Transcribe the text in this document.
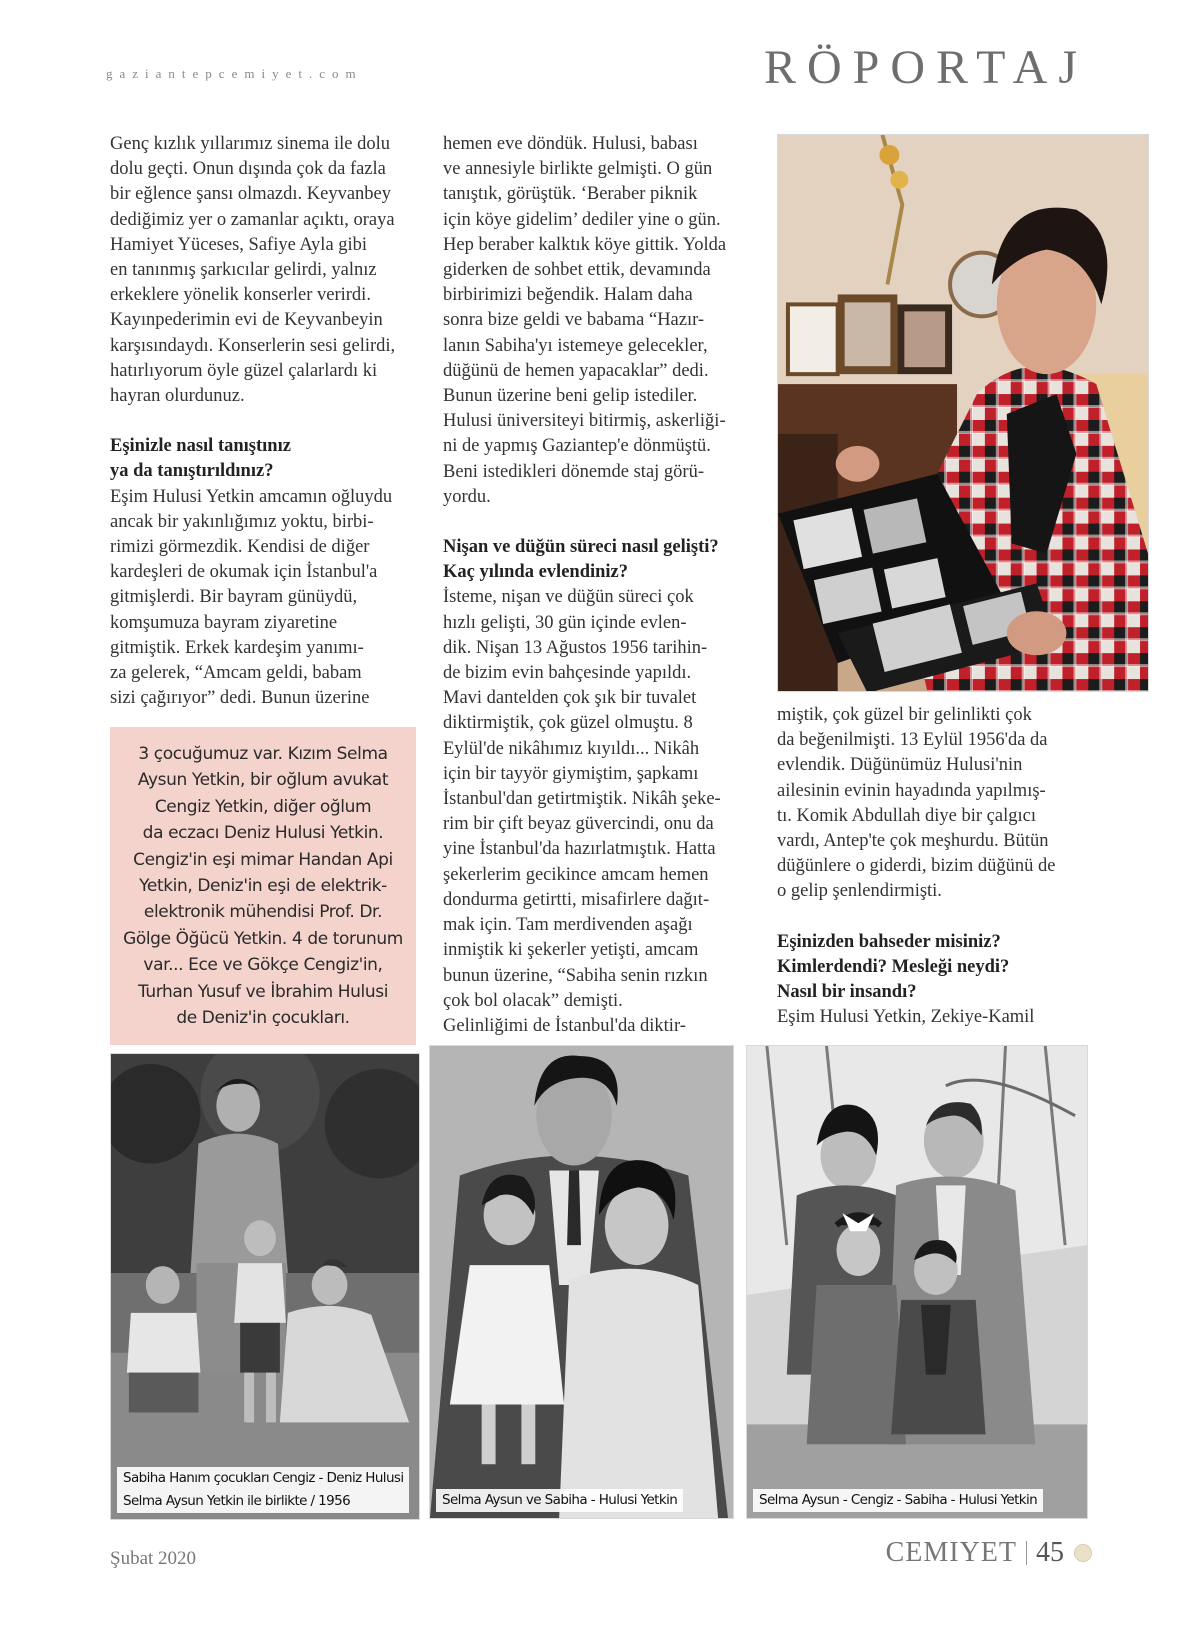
gaziantepcemiyet.com	RÖPORTAJ

Genç kızlık yıllarımız sinema ile dolu
dolu geçti. Onun dışında çok da fazla
bir eğlence şansı olmazdı. Keyvanbey
dediğimiz yer o zamanlar açıktı, oraya
Hamiyet Yüceses, Safiye Ayla gibi
en tanınmış şarkıcılar gelirdi, yalnız
erkeklere yönelik konserler verirdi.
Kayınpederimin evi de Keyvanbeyin
karşısındaydı. Konserlerin sesi gelirdi,
hatırlıyorum öyle güzel çalarlardı ki
hayran olurdunuz.

Eşinizle nasıl tanıştınız
ya da tanıştırıldınız?

Eşim Hulusi Yetkin amcamın oğluydu
ancak bir yakınlığımız yoktu, birbi-
rimizi görmezdik. Kendisi de diğer
kardeşleri de okumak için İstanbul'a
gitmişlerdi. Bir bayram günüydü,
komşumuza bayram ziyaretine
gitmiştik. Erkek kardeşim yanımı-
za gelerek, “Amcam geldi, babam
sizi çağırıyor” dedi. Bunun üzerine

3 çocuğumuz var. Kızım Selma
Aysun Yetkin, bir oğlum avukat
Cengiz Yetkin, diğer oğlum
da eczacı Deniz Hulusi Yetkin.
Cengiz'in eşi mimar Handan Api
Yetkin, Deniz'in eşi de elektrik-
elektronik mühendisi Prof. Dr.
Gölge Öğücü Yetkin. 4 de torunum
var... Ece ve Gökçe Cengiz'in,
Turhan Yusuf ve İbrahim Hulusi
de Deniz'in çocukları.

hemen eve döndük. Hulusi, babası
ve annesiyle birlikte gelmişti. O gün
tanıştık, görüştük. ‘Beraber piknik
için köye gidelim’ dediler yine o gün.
Hep beraber kalktık köye gittik. Yolda
giderken de sohbet ettik, devamında
birbirimizi beğendik. Halam daha
sonra bize geldi ve babama “Hazır-
lanın Sabiha'yı istemeye gelecekler,
düğünü de hemen yapacaklar” dedi.
Bunun üzerine beni gelip istediler.
Hulusi üniversiteyi bitirmiş, askerliği-
ni de yapmış Gaziantep'e dönmüştü.
Beni istedikleri dönemde staj görü-
yordu.

Nişan ve düğün süreci nasıl gelişti?
Kaç yılında evlendiniz?

İsteme, nişan ve düğün süreci çok
hızlı gelişti, 30 gün içinde evlen-
dik. Nişan 13 Ağustos 1956 tarihin-
de bizim evin bahçesinde yapıldı.
Mavi dantelden çok şık bir tuvalet
diktirmiştik, çok güzel olmuştu. 8
Eylül'de nikâhımız kıyıldı... Nikâh
için bir tayyör giymiştim, şapkamı
İstanbul'dan getirtmiştik. Nikâh şeke-
rim bir çift beyaz güvercindi, onu da
yine İstanbul'da hazırlatmıştık. Hatta
şekerlerim gecikince amcam hemen
dondurma getirtti, misafirlere dağıt-
mak için. Tam merdivenden aşağı
inmiştik ki şekerler yetişti, amcam
bunun üzerine, “Sabiha senin rızkın
çok bol olacak” demişti.
Gelinliğimi de İstanbul'da diktir-

miştik, çok güzel bir gelinlikti çok
da beğenilmişti. 13 Eylül 1956'da da
evlendik. Düğünümüz Hulusi'nin
ailesinin evinin hayadında yapılmış-
tı. Komik Abdullah diye bir çalgıcı
vardı, Antep'te çok meşhurdu. Bütün
düğünlere o giderdi, bizim düğünü de
o gelip şenlendirmişti.

Eşinizden bahseder misiniz?
Kimlerdendi? Mesleği neydi?
Nasıl bir insandı?

Eşim Hulusi Yetkin, Zekiye-Kamil

Sabiha Hanım çocukları Cengiz - Deniz Hulusi
Selma Aysun Yetkin ile birlikte / 1956	Selma Aysun ve Sabiha - Hulusi Yetkin	Selma Aysun - Cengiz - Sabiha - Hulusi Yetkin
Şubat 2020	CEMIYET 45
